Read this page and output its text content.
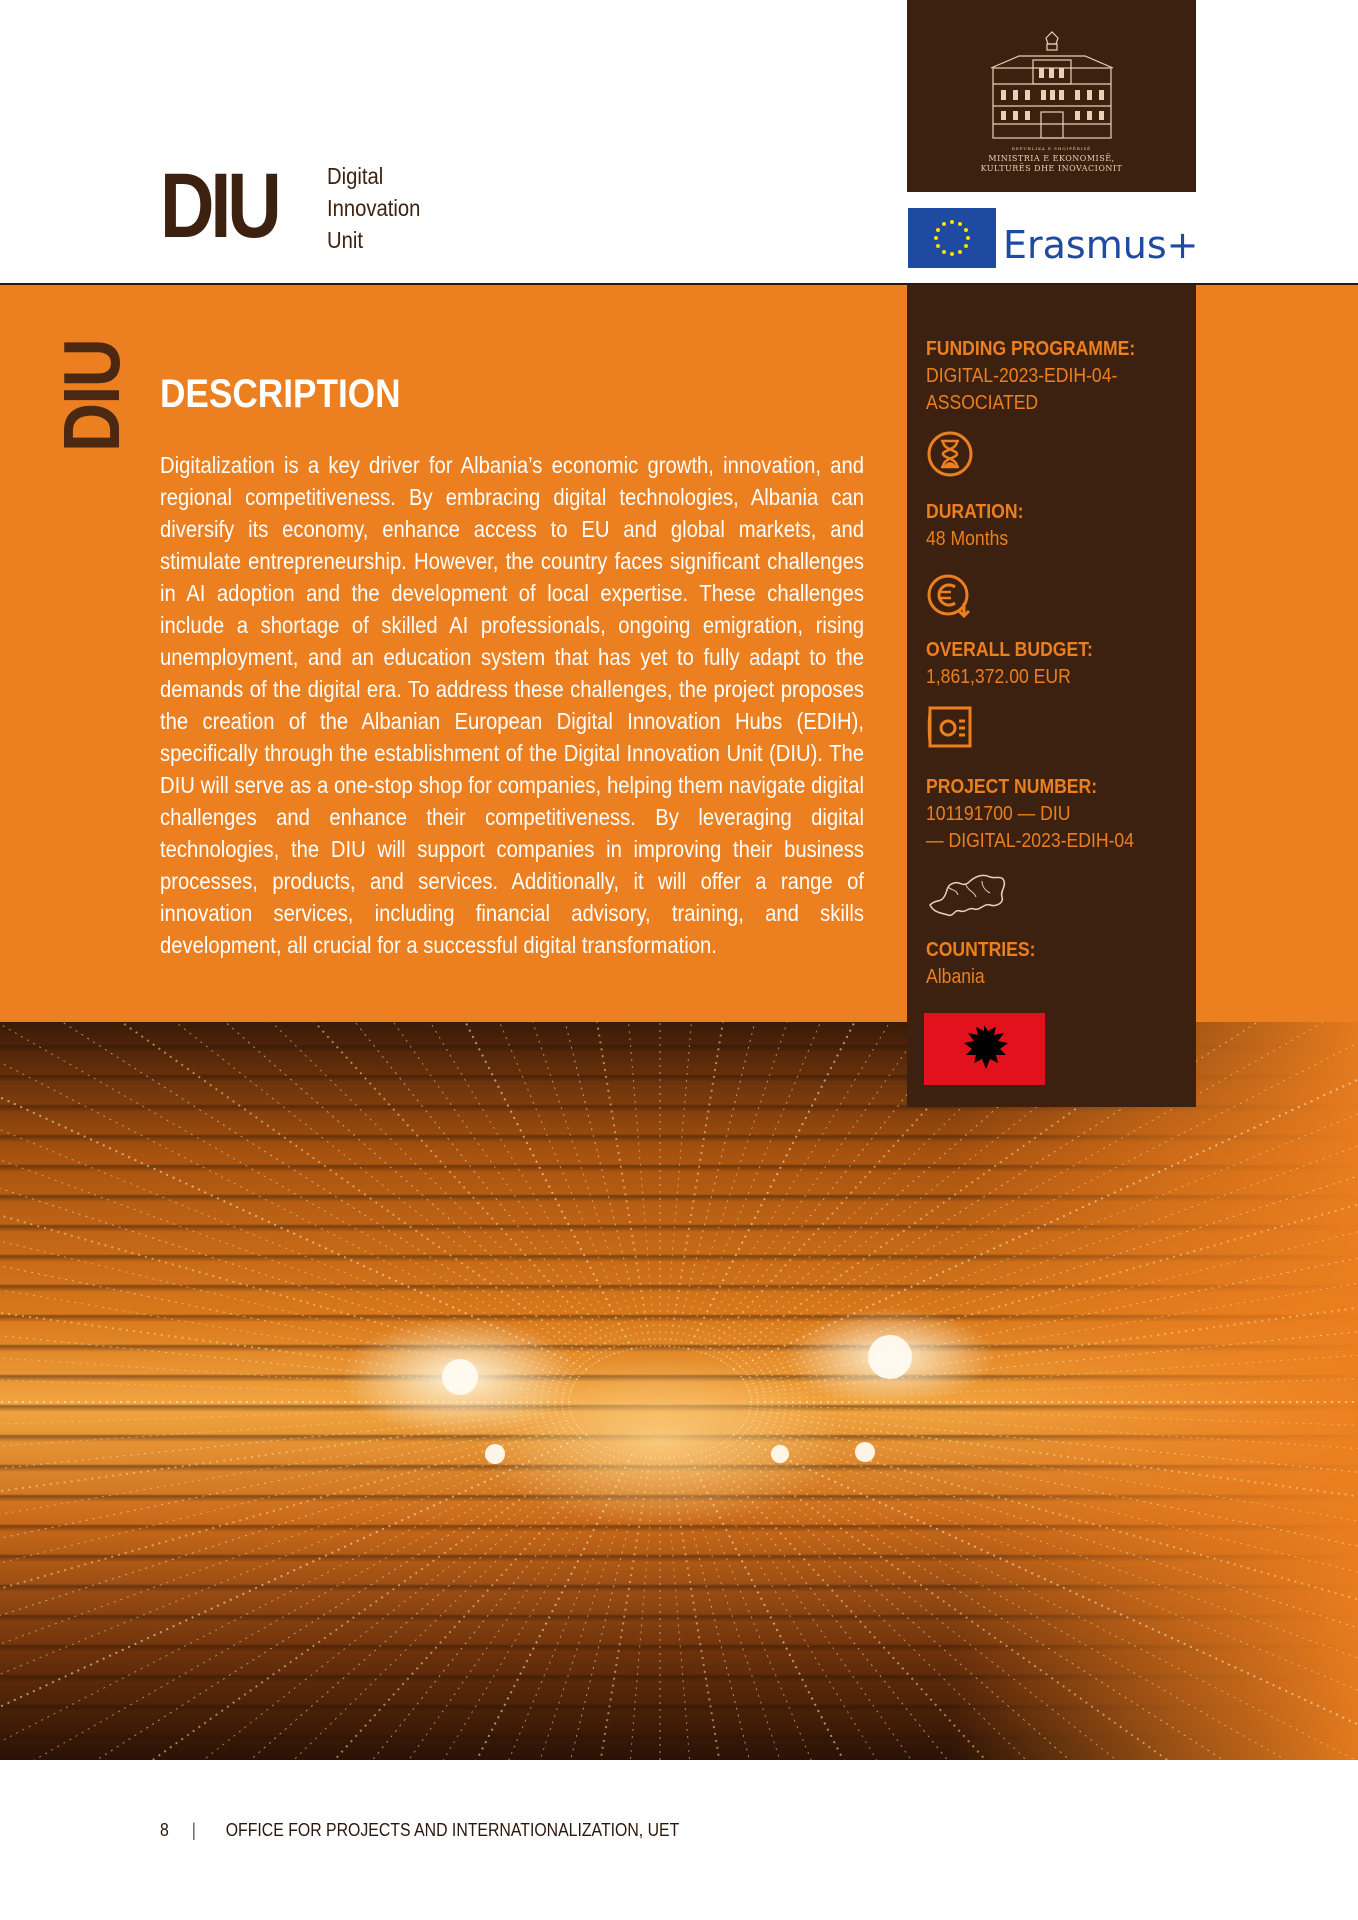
DIU Digital
Innovation
Unit
REPUBLIKA E SHQIPËRISË
MINISTRIA E EKONOMISË,
KULTURËS DHE INOVACIONIT
Erasmus+
DIU DESCRIPTION

Digitalization is a key driver for Albania’s economic growth, innovation, and regional competitiveness. By embracing digital technologies, Albania can diversify its economy, enhance access to EU and global markets, and stimulate entrepreneurship. However, the country faces significant challenges in AI adoption and the development of local expertise. These challenges include a shortage of skilled AI professionals, ongoing emigration, rising unemployment, and an education system that has yet to fully adapt to the demands of the digital era. To address these challenges, the project proposes the creation of the Albanian European Digital Innovation Hubs (EDIH), specifically through the establishment of the Digital Innovation Unit (DIU). The DIU will serve as a one-stop shop for companies, helping them navigate digital challenges and enhance their competitiveness. By leveraging digital technologies, the DIU will support companies in improving their business processes, products, and services. Additionally, it will offer a range of innovation services, including financial advisory, training, and skills development, all crucial for a successful digital transformation.

FUNDING PROGRAMME:
DIGITAL-2023-EDIH-04-
ASSOCIATED
DURATION:
48 Months
OVERALL BUDGET:
1,861,372.00 EUR
PROJECT NUMBER:
101191700 — DIU
— DIGITAL-2023-EDIH-04
COUNTRIES:
Albania
8 | OFFICE FOR PROJECTS AND INTERNATIONALIZATION, UET
